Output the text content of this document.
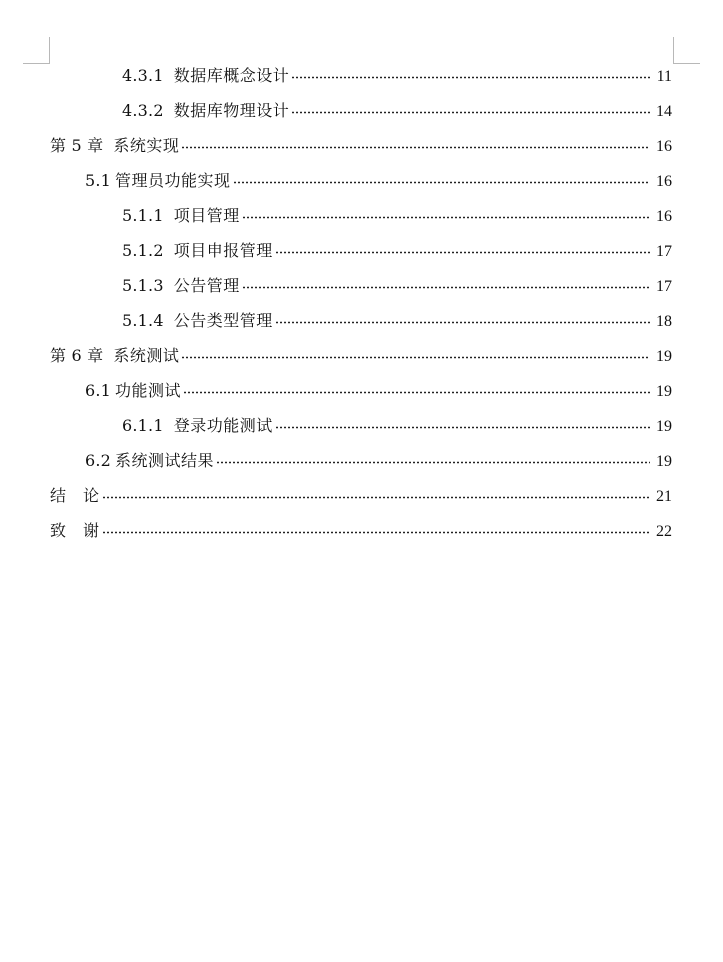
4.3.1 数据库概念设计	11
4.3.2 数据库物理设计	14
第 5 章 系统实现	16
5.1 管理员功能实现	16
5.1.1 项目管理	16
5.1.2 项目申报管理	17
5.1.3 公告管理	17
5.1.4 公告类型管理	18
第 6 章 系统测试	19
6.1 功能测试	19
6.1.1 登录功能测试	19
6.2 系统测试结果	19
结　论	21
致　谢	22
